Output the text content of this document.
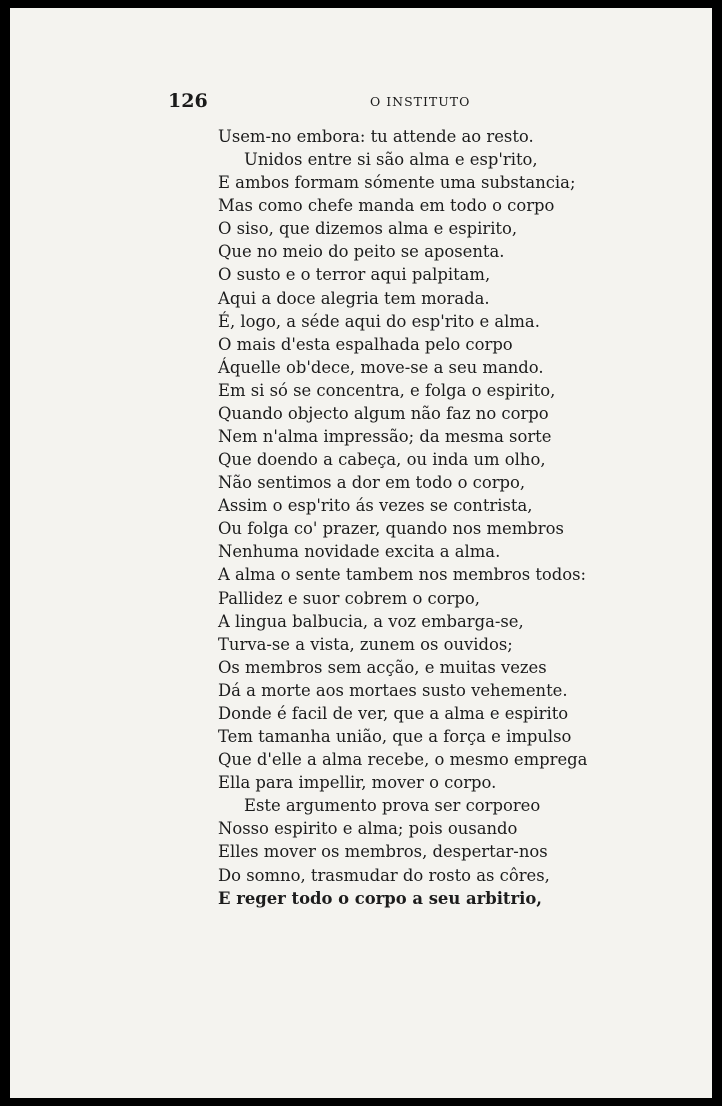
126	O INSTITUTO
Usem-no embora: tu attende ao resto.
Unidos entre si são alma e esp'rito,
E ambos formam sómente uma substancia;
Mas como chefe manda em todo o corpo
O siso, que dizemos alma e espirito,
Que no meio do peito se aposenta.
O susto e o terror aqui palpitam,
Aqui a doce alegria tem morada.
É, logo, a séde aqui do esp'rito e alma.
O mais d'esta espalhada pelo corpo
Áquelle ob'dece, move-se a seu mando.
Em si só se concentra, e folga o espirito,
Quando objecto algum não faz no corpo
Nem n'alma impressão; da mesma sorte
Que doendo a cabeça, ou inda um olho,
Não sentimos a dor em todo o corpo,
Assim o esp'rito ás vezes se contrista,
Ou folga co' prazer, quando nos membros
Nenhuma novidade excita a alma.
A alma o sente tambem nos membros todos:
Pallidez e suor cobrem o corpo,
A lingua balbucia, a voz embarga-se,
Turva-se a vista, zunem os ouvidos;
Os membros sem acção, e muitas vezes
Dá a morte aos mortaes susto vehemente.
Donde é facil de ver, que a alma e espirito
Tem tamanha união, que a força e impulso
Que d'elle a alma recebe, o mesmo emprega
Ella para impellir, mover o corpo.
Este argumento prova ser corporeo
Nosso espirito e alma; pois ousando
Elles mover os membros, despertar-nos
Do somno, trasmudar do rosto as côres,
E reger todo o corpo a seu arbitrio,
